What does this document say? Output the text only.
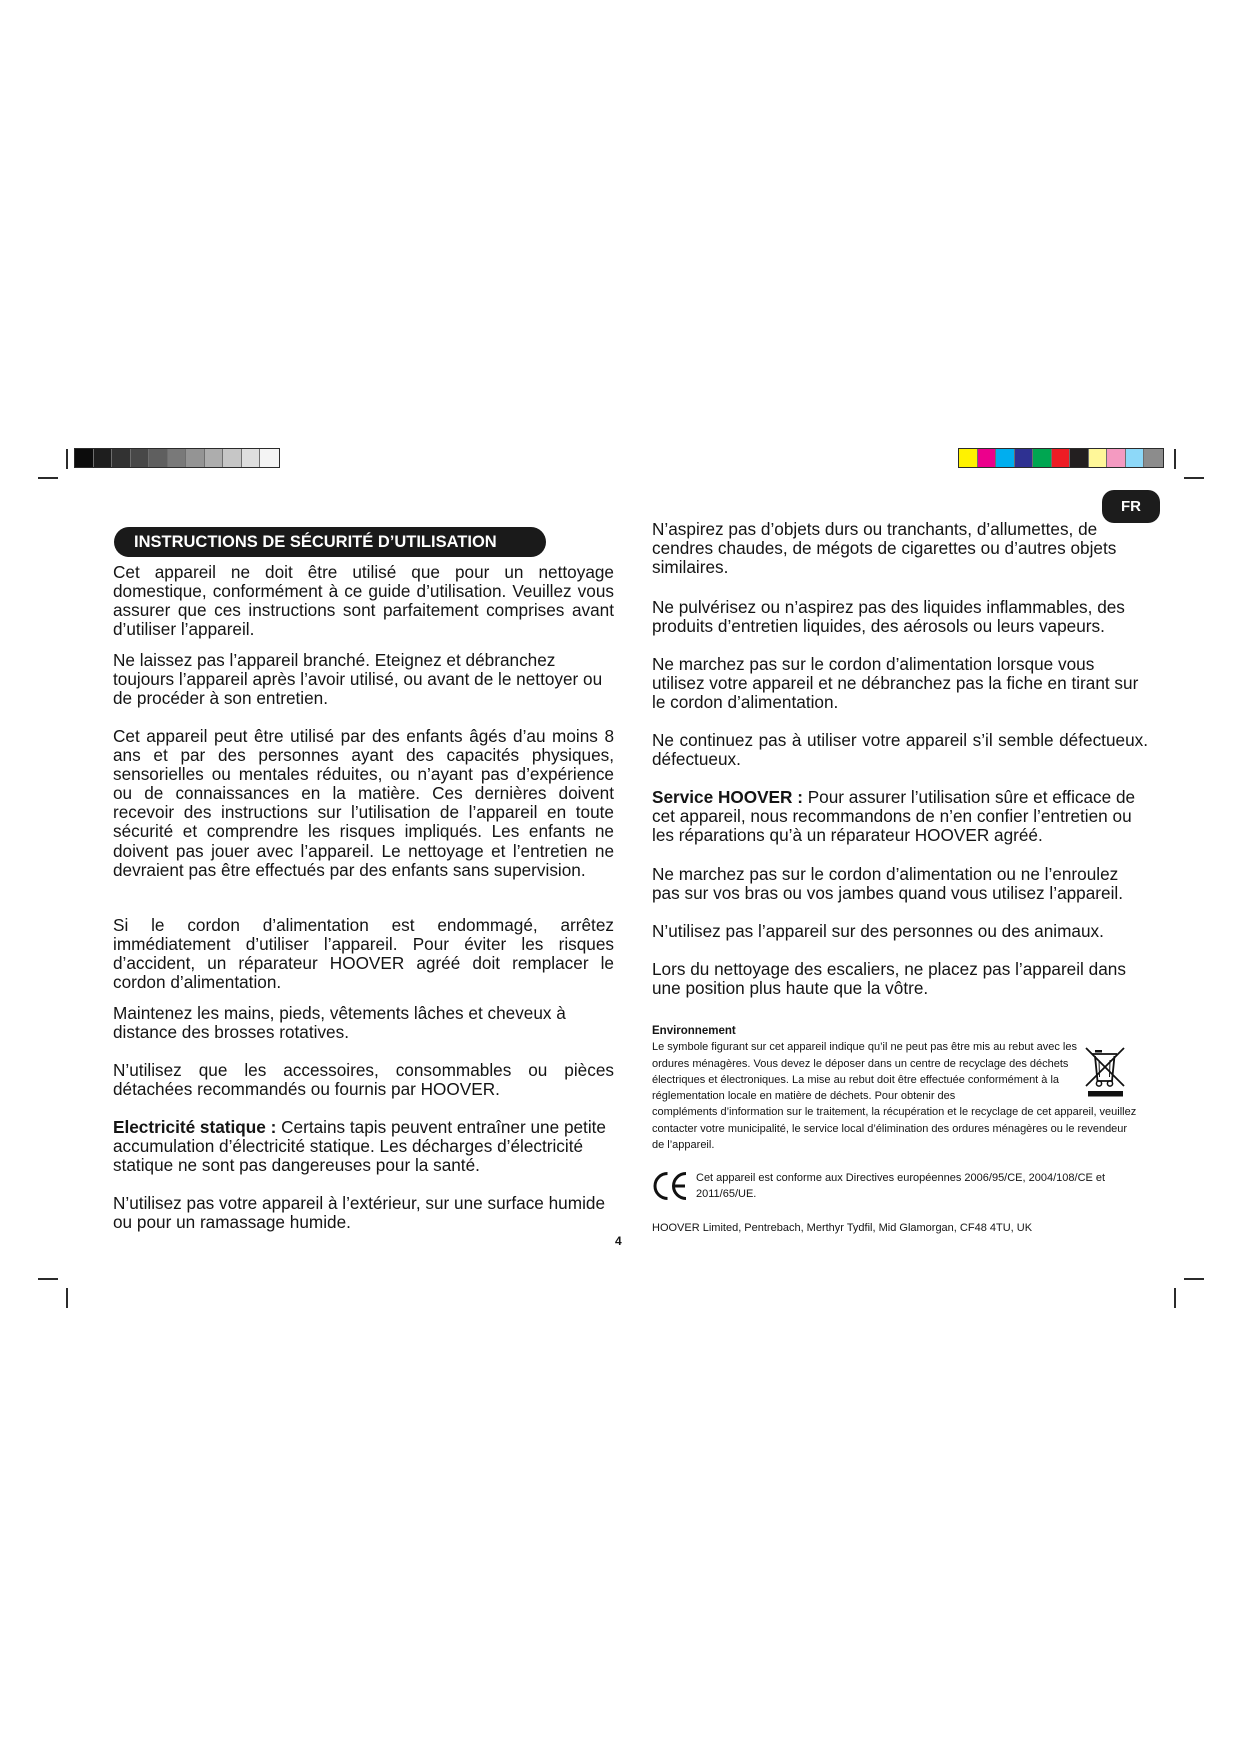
FR
INSTRUCTIONS DE SÉCURITÉ D’UTILISATION

Cet appareil ne doit être utilisé que pour un nettoyage domestique, conformément à ce guide d’utilisation. Veuillez vous assurer que ces instructions sont parfaitement comprises avant d’utiliser l’appareil.

Ne laissez pas l’appareil branché. Eteignez et débranchez toujours l’appareil après l’avoir utilisé, ou avant de le nettoyer ou de procéder à son entretien.

Cet appareil peut être utilisé par des enfants âgés d’au moins 8 ans et par des personnes ayant des capacités physiques, sensorielles ou mentales réduites, ou n’ayant pas d’expérience ou de connaissances en la matière. Ces dernières doivent recevoir des instructions sur l’utilisation de l’appareil en toute sécurité et comprendre les risques impliqués. Les enfants ne doivent pas jouer avec l’appareil. Le nettoyage et l’entretien ne devraient pas être effectués par des enfants sans supervision.

Si le cordon d’alimentation est endommagé, arrêtez immédiatement d’utiliser l’appareil. Pour éviter les risques d’accident, un réparateur HOOVER agréé doit remplacer le cordon d’alimentation.

Maintenez les mains, pieds, vêtements lâches et cheveux à distance des brosses rotatives.

N’utilisez que les accessoires, consommables ou pièces détachées recommandés ou fournis par HOOVER.

Electricité statique : Certains tapis peuvent entraîner une petite accumulation d’électricité statique. Les décharges d’électricité statique ne sont pas dangereuses pour la santé.

N’utilisez pas votre appareil à l’extérieur, sur une surface humide ou pour un ramassage humide.

N’aspirez pas d’objets durs ou tranchants, d’allumettes, de cendres chaudes, de mégots de cigarettes ou d’autres objets similaires.

Ne pulvérisez ou n’aspirez pas des liquides inflammables, des produits d’entretien liquides, des aérosols ou leurs vapeurs.

Ne marchez pas sur le cordon d’alimentation lorsque vous utilisez votre appareil et ne débranchez pas la fiche en tirant sur le cordon d’alimentation.

Ne continuez pas à utiliser votre appareil s’il semble défectueux.

défectueux.

Service HOOVER : Pour assurer l’utilisation sûre et efficace de cet appareil, nous recommandons de n’en confier l’entretien ou les réparations qu’à un réparateur HOOVER agréé.

Ne marchez pas sur le cordon d’alimentation ou ne l’enroulez pas sur vos bras ou vos jambes quand vous utilisez l’appareil.

N’utilisez pas l’appareil sur des personnes ou des animaux.

Lors du nettoyage des escaliers, ne placez pas l’appareil dans une position plus haute que la vôtre.

Environnement
Le symbole figurant sur cet appareil indique qu’il ne peut pas être mis au rebut avec les ordures ménagères. Vous devez le déposer dans un centre de recyclage des déchets électriques et électroniques. La mise au rebut doit être effectuée conformément à la réglementation locale en matière de déchets. Pour obtenir des
compléments d’information sur le traitement, la récupération et le recyclage de cet appareil, veuillez contacter votre municipalité, le service local d’élimination des ordures ménagères ou le revendeur de l’appareil.
Cet appareil est conforme aux Directives européennes 2006/95/CE, 2004/108/CE et 2011/65/UE.
HOOVER Limited, Pentrebach, Merthyr Tydfil, Mid Glamorgan, CF48 4TU, UK
4
